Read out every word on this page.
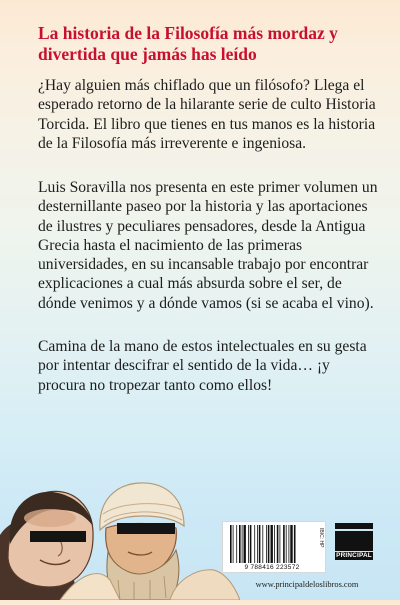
La historia de la Filosofía más mordaz y divertida que jamás has leído

¿Hay alguien más chiflado que un filósofo? Llega el esperado retorno de la hilarante serie de culto Historia Torcida. El libro que tienes en tus manos es la historia de la Filosofía más irreverente e ingeniosa.

Luis Soravilla nos presenta en este primer volumen un desternillante paseo por la historia y las aportaciones de ilustres y peculiares pensadores, desde la Antigua Grecia hasta el nacimiento de las primeras universidades, en su incansable trabajo por encontrar explicaciones a cual más absurda sobre el ser, de dónde venimos y a dónde vamos (si se acaba el vino).

Camina de la mano de estos intelectuales en su gesta por intentar descifrar el sentido de la vida… ¡y procura no tropezar tanto como ellos!

9 788416 223572
IBIC: HP
PRINCIPAL

www.principaldeloslibros.com
